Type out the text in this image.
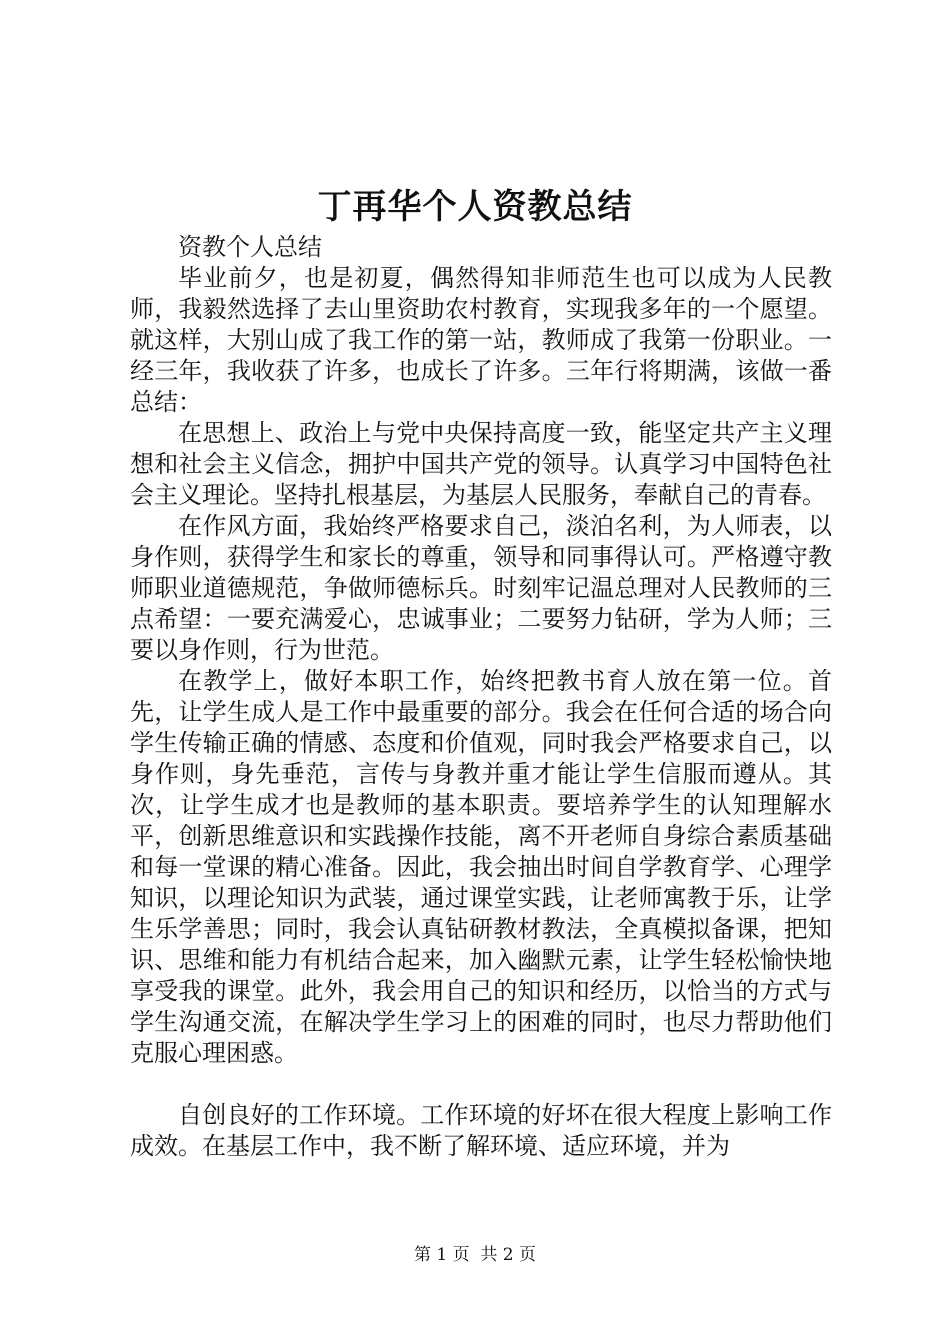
丁再华个人资教总结

资教个人总结

毕业前夕，也是初夏，偶然得知非师范生也可以成为人民教师，我毅然选择了去山里资助农村教育，实现我多年的一个愿望。就这样，大别山成了我工作的第一站，教师成了我第一份职业。一经三年，我收获了许多，也成长了许多。三年行将期满，该做一番总结：

在思想上、政治上与党中央保持高度一致，能坚定共产主义理想和社会主义信念，拥护中国共产党的领导。认真学习中国特色社会主义理论。坚持扎根基层，为基层人民服务，奉献自己的青春。

在作风方面，我始终严格要求自己，淡泊名利，为人师表，以身作则，获得学生和家长的尊重，领导和同事得认可。严格遵守教师职业道德规范，争做师德标兵。时刻牢记温总理对人民教师的三点希望：一要充满爱心，忠诚事业；二要努力钻研，学为人师；三要以身作则，行为世范。

在教学上，做好本职工作，始终把教书育人放在第一位。首先，让学生成人是工作中最重要的部分。我会在任何合适的场合向学生传输正确的情感、态度和价值观，同时我会严格要求自己，以身作则，身先垂范，言传与身教并重才能让学生信服而遵从。其次，让学生成才也是教师的基本职责。要培养学生的认知理解水平，创新思维意识和实践操作技能，离不开老师自身综合素质基础和每一堂课的精心准备。因此，我会抽出时间自学教育学、心理学知识，以理论知识为武装，通过课堂实践，让老师寓教于乐，让学生乐学善思；同时，我会认真钻研教材教法，全真模拟备课，把知识、思维和能力有机结合起来，加入幽默元素，让学生轻松愉快地享受我的课堂。此外，我会用自己的知识和经历，以恰当的方式与学生沟通交流，在解决学生学习上的困难的同时，也尽力帮助他们克服心理困惑。

自创良好的工作环境。工作环境的好坏在很大程度上影响工作成效。在基层工作中，我不断了解环境、适应环境，并为

第 1 页  共 2 页
